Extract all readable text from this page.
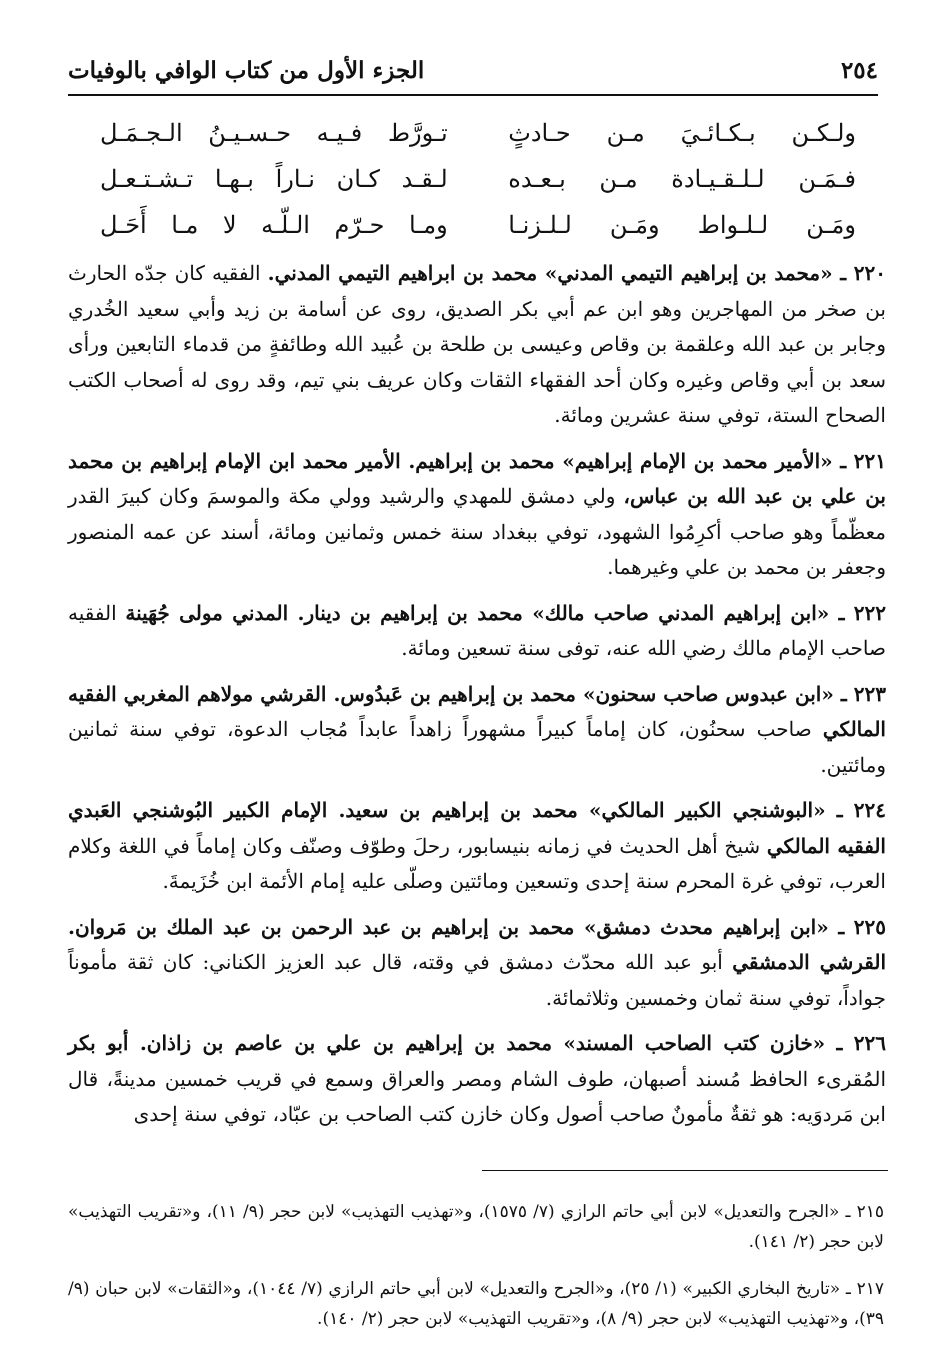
٢٥٤
الجزء الأول من كتاب الوافي بالوفيات
ولـكـن بـكـائـيَ مـن حـادثٍ
تـورَّط فـيـه حـسـيـنُ الـجـمَـل
فـمَـن لـلـقـيـادة مـن بـعـده
لـقـد كـان نـاراً بـهـا تـشـتـعـل
ومَـن لـلـواط ومَـن لـلـزنـا
ومـا حـرّم الـلّـه لا مـا أَحَـل

٢٢٠ ـ «محمد بن إبراهيم التيمي المدني» محمد بن ابراهيم التيمي المدني. الفقيه كان جدّه الحارث بن صخر من المهاجرين وهو ابن عم أبي بكر الصديق، روى عن أسامة بن زيد وأبي سعيد الخُدري وجابر بن عبد الله وعلقمة بن وقاص وعيسى بن طلحة بن عُبيد الله وطائفةٍ من قدماء التابعين ورأى سعد بن أبي وقاص وغيره وكان أحد الفقهاء الثقات وكان عريف بني تيم، وقد روى له أصحاب الكتب الصحاح الستة، توفي سنة عشرين ومائة.

٢٢١ ـ «الأمير محمد بن الإمام إبراهيم» محمد بن إبراهيم. الأمير محمد ابن الإمام إبراهيم بن محمد بن علي بن عبد الله بن عباس، ولي دمشق للمهدي والرشيد وولي مكة والموسمَ وكان كبيرَ القدر معظّماً وهو صاحب أكرِمُوا الشهود، توفي ببغداد سنة خمس وثمانين ومائة، أسند عن عمه المنصور وجعفر بن محمد بن علي وغيرهما.

٢٢٢ ـ «ابن إبراهيم المدني صاحب مالك» محمد بن إبراهيم بن دينار. المدني مولى جُهَينة الفقيه صاحب الإمام مالك رضي الله عنه، توفى سنة تسعين ومائة.

٢٢٣ ـ «ابن عبدوس صاحب سحنون» محمد بن إبراهيم بن عَبدُوس. القرشي مولاهم المغربي الفقيه المالكي صاحب سحنُون، كان إماماً كبيراً مشهوراً زاهداً عابداً مُجاب الدعوة، توفي سنة ثمانين ومائتين.

٢٢٤ ـ «البوشنجي الكبير المالكي» محمد بن إبراهيم بن سعيد. الإمام الكبير البُوشنجي العَبدي الفقيه المالكي شيخ أهل الحديث في زمانه بنيسابور، رحلَ وطوّف وصنّف وكان إماماً في اللغة وكلام العرب، توفي غرة المحرم سنة إحدى وتسعين ومائتين وصلّى عليه إمام الأئمة ابن خُزَيمةَ.

٢٢٥ ـ «ابن إبراهيم محدث دمشق» محمد بن إبراهيم بن عبد الرحمن بن عبد الملك بن مَروان. القرشي الدمشقي أبو عبد الله محدّث دمشق في وقته، قال عبد العزيز الكناني: كان ثقة مأموناً جواداً، توفي سنة ثمان وخمسين وثلاثمائة.

٢٢٦ ـ «خازن كتب الصاحب المسند» محمد بن إبراهيم بن علي بن عاصم بن زاذان. أبو بكر المُقرىء الحافظ مُسند أصبهان، طوف الشام ومصر والعراق وسمع في قريب خمسين مدينةً، قال ابن مَردوَيه: هو ثقةٌ مأمونٌ صاحب أصول وكان خازن كتب الصاحب بن عبّاد، توفي سنة إحدى

٢١٥ ـ «الجرح والتعديل» لابن أبي حاتم الرازي (٧/ ١٥٧٥)، و«تهذيب التهذيب» لابن حجر (٩/ ١١)، و«تقريب التهذيب» لابن حجر (٢/ ١٤١).

٢١٧ ـ «تاريخ البخاري الكبير» (١/ ٢٥)، و«الجرح والتعديل» لابن أبي حاتم الرازي (٧/ ١٠٤٤)، و«الثقات» لابن حبان (٩/ ٣٩)، و«تهذيب التهذيب» لابن حجر (٩/ ٨)، و«تقريب التهذيب» لابن حجر (٢/ ١٤٠).
